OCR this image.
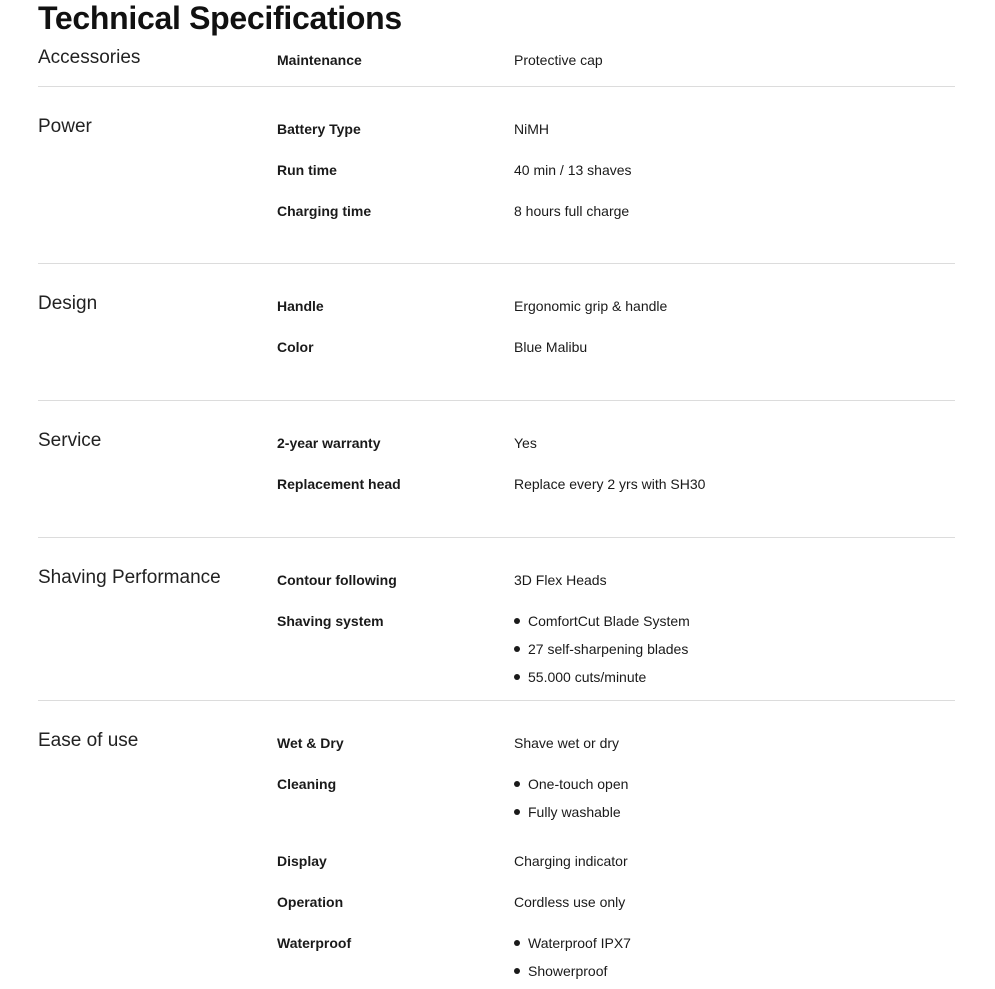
Technical Specifications
Accessories	Maintenance	Protective cap
Power	Battery Type	NiMH
Run time	40 min / 13 shaves
Charging time	8 hours full charge
Design	Handle	Ergonomic grip & handle
Color	Blue Malibu
Service	2-year warranty	Yes
Replacement head	Replace every 2 yrs with SH30
Shaving Performance	Contour following	3D Flex Heads
Shaving system	ComfortCut Blade System
27 self-sharpening blades
55.000 cuts/minute
Ease of use	Wet & Dry	Shave wet or dry
Cleaning	One-touch open
Fully washable
Display	Charging indicator
Operation	Cordless use only
Waterproof	Waterproof IPX7
Showerproof
